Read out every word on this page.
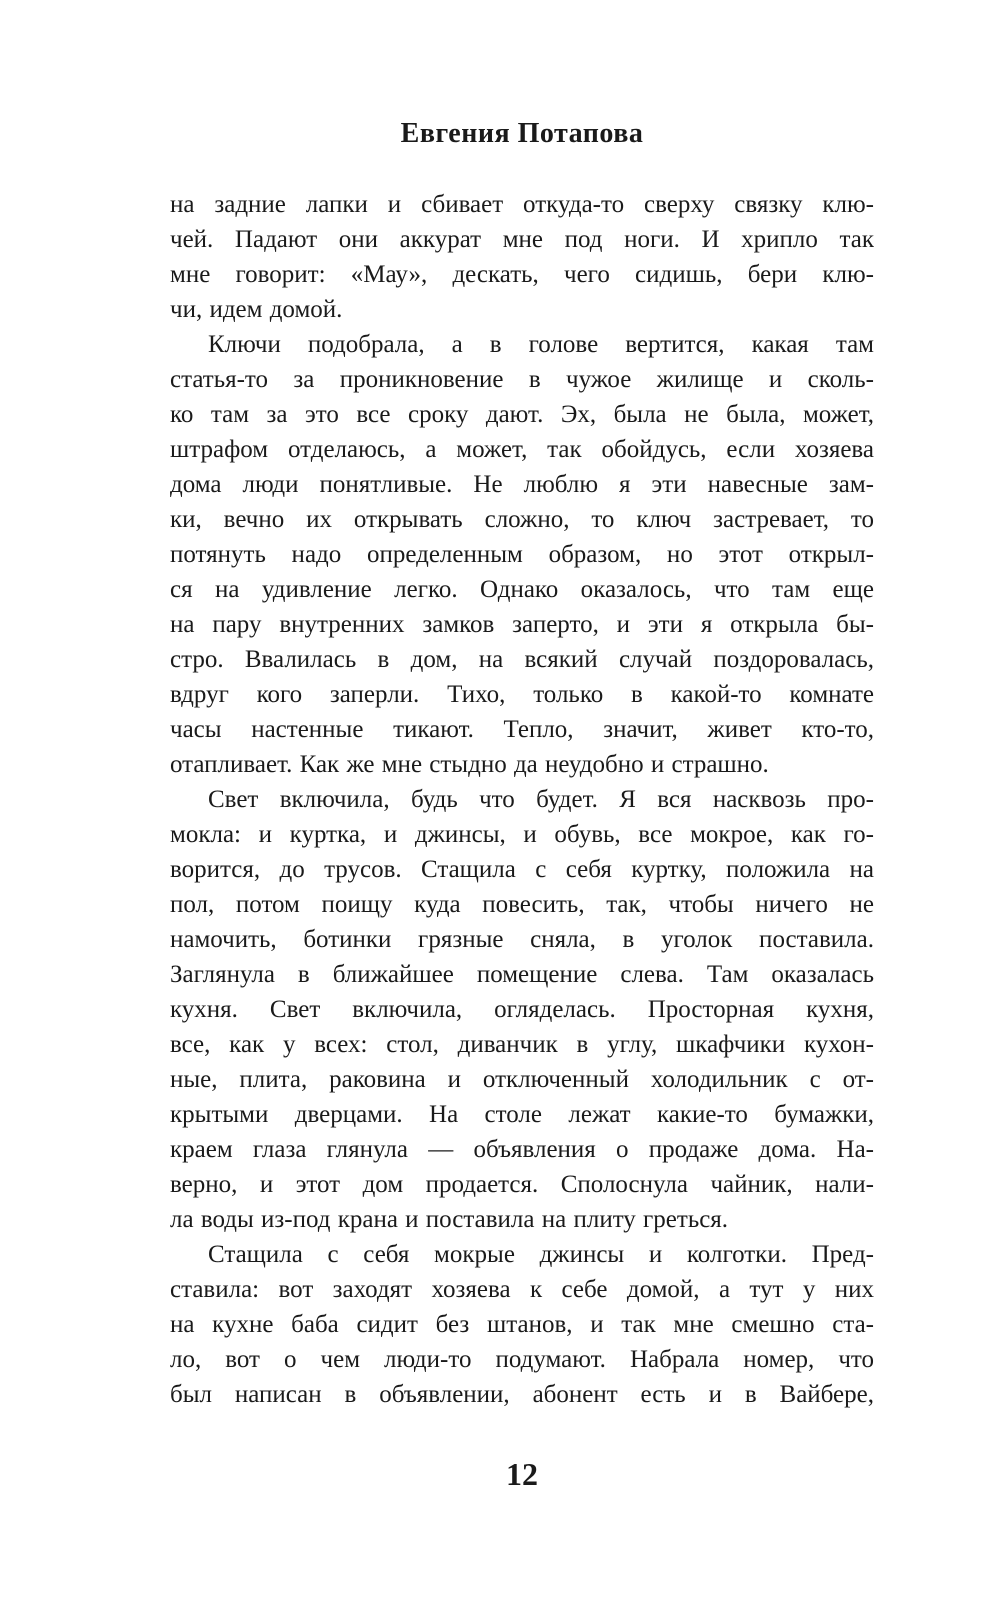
Евгения Потапова
на задние лапки и сбивает откуда-то сверху связку клю-
чей. Падают они аккурат мне под ноги. И хрипло так
мне говорит: «Мау», дескать, чего сидишь, бери клю-
чи, идем домой.
Ключи подобрала, а в голове вертится, какая там
статья-то за проникновение в чужое жилище и сколь-
ко там за это все сроку дают. Эх, была не была, может,
штрафом отделаюсь, а может, так обойдусь, если хозяева
дома люди понятливые. Не люблю я эти навесные зам-
ки, вечно их открывать сложно, то ключ застревает, то
потянуть надо определенным образом, но этот открыл-
ся на удивление легко. Однако оказалось, что там еще
на пару внутренних замков заперто, и эти я открыла бы-
стро. Ввалилась в дом, на всякий случай поздоровалась,
вдруг кого заперли. Тихо, только в какой-то комнате
часы настенные тикают. Тепло, значит, живет кто-то,
отапливает. Как же мне стыдно да неудобно и страшно.
Свет включила, будь что будет. Я вся насквозь про-
мокла: и куртка, и джинсы, и обувь, все мокрое, как го-
ворится, до трусов. Стащила с себя куртку, положила на
пол, потом поищу куда повесить, так, чтобы ничего не
намочить, ботинки грязные сняла, в уголок поставила.
Заглянула в ближайшее помещение слева. Там оказалась
кухня. Свет включила, огляделась. Просторная кухня,
все, как у всех: стол, диванчик в углу, шкафчики кухон-
ные, плита, раковина и отключенный холодильник с от-
крытыми дверцами. На столе лежат какие-то бумажки,
краем глаза глянула — объявления о продаже дома. На-
верно, и этот дом продается. Сполоснула чайник, нали-
ла воды из-под крана и поставила на плиту греться.
Стащила с себя мокрые джинсы и колготки. Пред-
ставила: вот заходят хозяева к себе домой, а тут у них
на кухне баба сидит без штанов, и так мне смешно ста-
ло, вот о чем люди-то подумают. Набрала номер, что
был написан в объявлении, абонент есть и в Вайбере,
12
